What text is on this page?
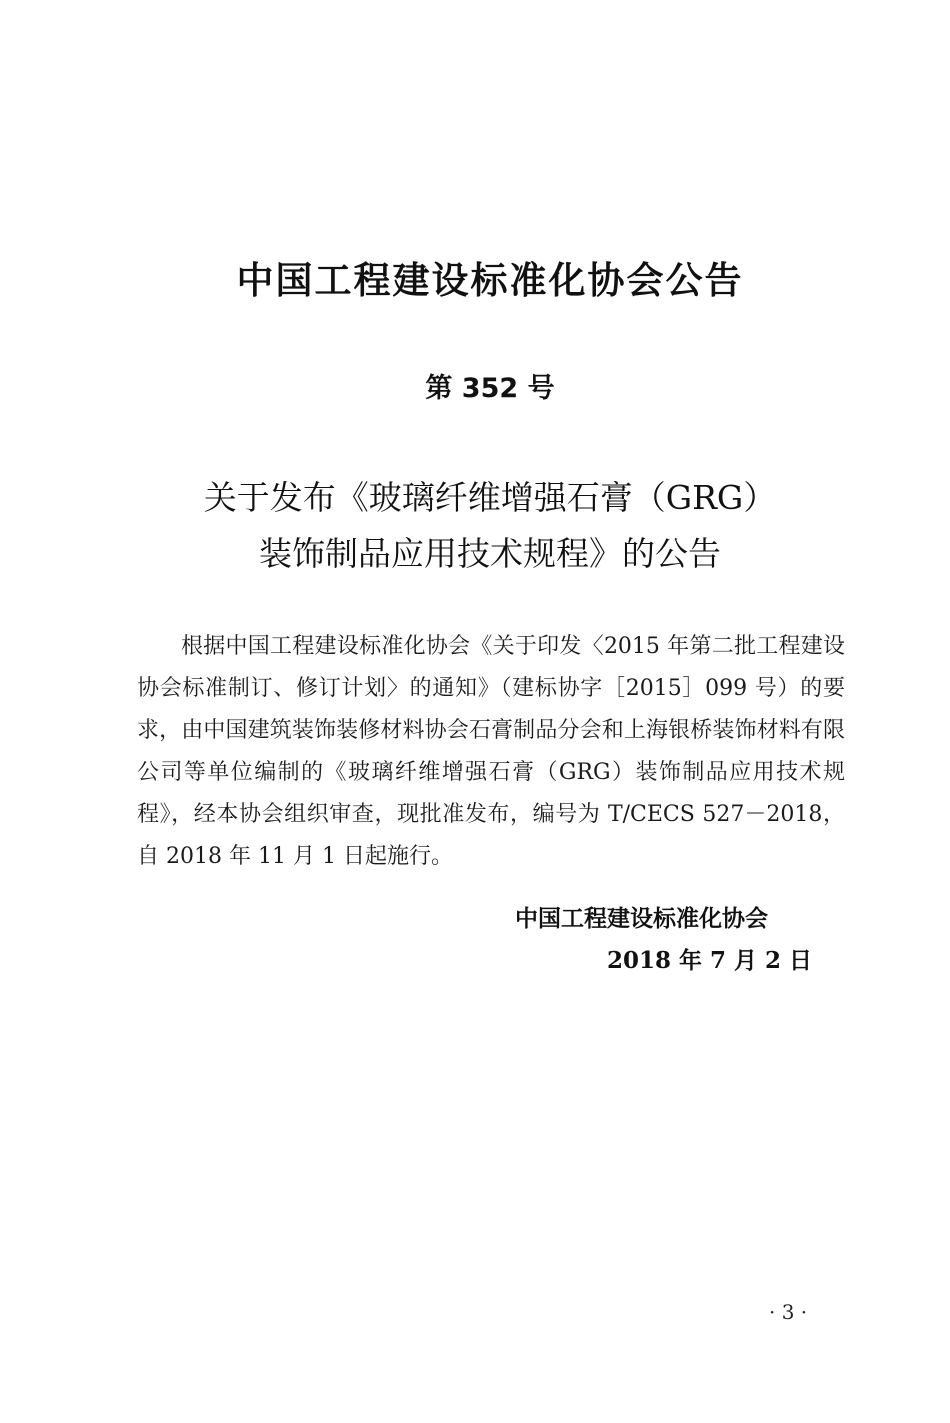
中国工程建设标准化协会公告
第 352 号
关于发布《玻璃纤维增强石膏（GRG）
装饰制品应用技术规程》的公告
根据中国工程建设标准化协会《关于印发〈2015 年第二批工程建设协会标准制订、修订计划〉的通知》（建标协字［2015］099 号）的要求，由中国建筑装饰装修材料协会石膏制品分会和上海银桥装饰材料有限公司等单位编制的《玻璃纤维增强石膏（GRG）装饰制品应用技术规程》，经本协会组织审查，现批准发布，编号为 T/CECS 527－2018，自 2018 年 11 月 1 日起施行。
中国工程建设标准化协会
2018 年 7 月 2 日
· 3 ·
